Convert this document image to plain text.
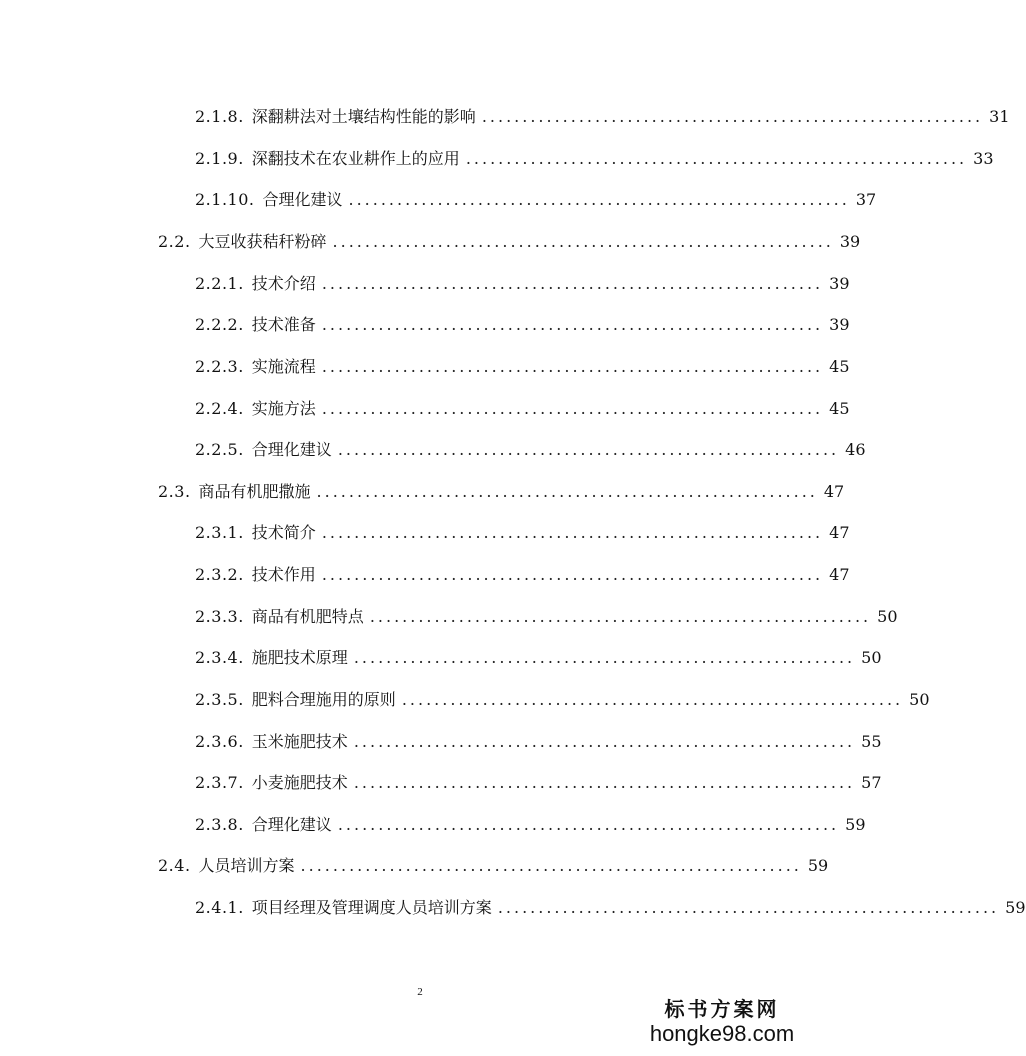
2.1.8. 深翻耕法对土壤结构性能的影响 .............................................................. 31
2.1.9. 深翻技术在农业耕作上的应用 .............................................................. 33
2.1.10. 合理化建议 .............................................................. 37
2.2. 大豆收获秸秆粉碎 .............................................................. 39
2.2.1. 技术介绍 .............................................................. 39
2.2.2. 技术准备 .............................................................. 39
2.2.3. 实施流程 .............................................................. 45
2.2.4. 实施方法 .............................................................. 45
2.2.5. 合理化建议 .............................................................. 46
2.3. 商品有机肥撒施 .............................................................. 47
2.3.1. 技术简介 .............................................................. 47
2.3.2. 技术作用 .............................................................. 47
2.3.3. 商品有机肥特点 .............................................................. 50
2.3.4. 施肥技术原理 .............................................................. 50
2.3.5. 肥料合理施用的原则 .............................................................. 50
2.3.6. 玉米施肥技术 .............................................................. 55
2.3.7. 小麦施肥技术 .............................................................. 57
2.3.8. 合理化建议 .............................................................. 59
2.4. 人员培训方案 .............................................................. 59
2.4.1. 项目经理及管理调度人员培训方案 .............................................................. 59
2
标书方案网
hongke98.com
